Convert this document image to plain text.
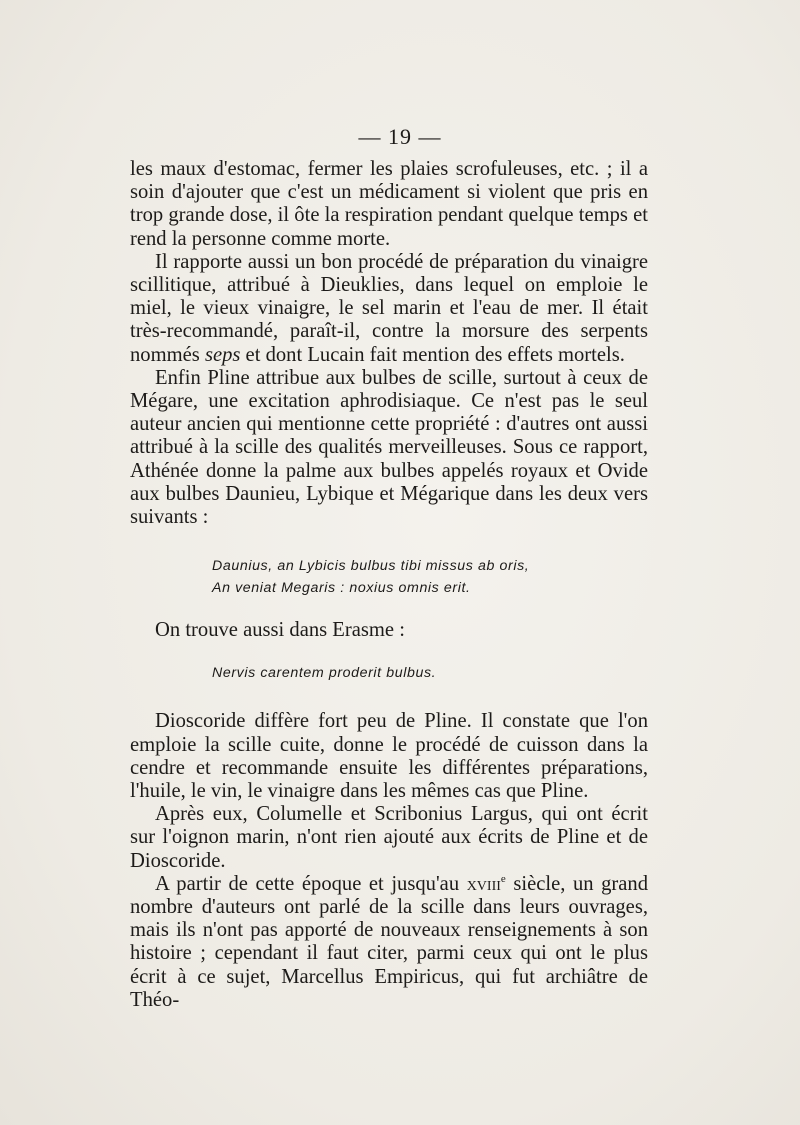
— 19 —

les maux d'estomac, fermer les plaies scrofuleuses, etc. ; il a soin d'ajouter que c'est un médicament si violent que pris en trop grande dose, il ôte la respiration pendant quelque temps et rend la personne comme morte.

Il rapporte aussi un bon procédé de préparation du vinaigre scillitique, attribué à Dieuklies, dans lequel on emploie le miel, le vieux vinaigre, le sel marin et l'eau de mer. Il était très-recommandé, paraît-il, contre la morsure des serpents nommés seps et dont Lucain fait mention des effets mortels.

Enfin Pline attribue aux bulbes de scille, surtout à ceux de Mégare, une excitation aphrodisiaque. Ce n'est pas le seul auteur ancien qui mentionne cette propriété : d'autres ont aussi attribué à la scille des qualités merveilleuses. Sous ce rapport, Athénée donne la palme aux bulbes appelés royaux et Ovide aux bulbes Daunieu, Lybique et Mégarique dans les deux vers suivants :

Daunius, an Lybicis bulbus tibi missus ab oris,
An veniat Megaris : noxius omnis erit.

On trouve aussi dans Erasme :

Nervis carentem proderit bulbus.

Dioscoride diffère fort peu de Pline. Il constate que l'on emploie la scille cuite, donne le procédé de cuisson dans la cendre et recommande ensuite les différentes préparations, l'huile, le vin, le vinaigre dans les mêmes cas que Pline.

Après eux, Columelle et Scribonius Largus, qui ont écrit sur l'oignon marin, n'ont rien ajouté aux écrits de Pline et de Dioscoride.

A partir de cette époque et jusqu'au xviii$^e$ siècle, un grand nombre d'auteurs ont parlé de la scille dans leurs ouvrages, mais ils n'ont pas apporté de nouveaux renseignements à son histoire ; cependant il faut citer, parmi ceux qui ont le plus écrit à ce sujet, Marcellus Empiricus, qui fut archiâtre de Théo-
